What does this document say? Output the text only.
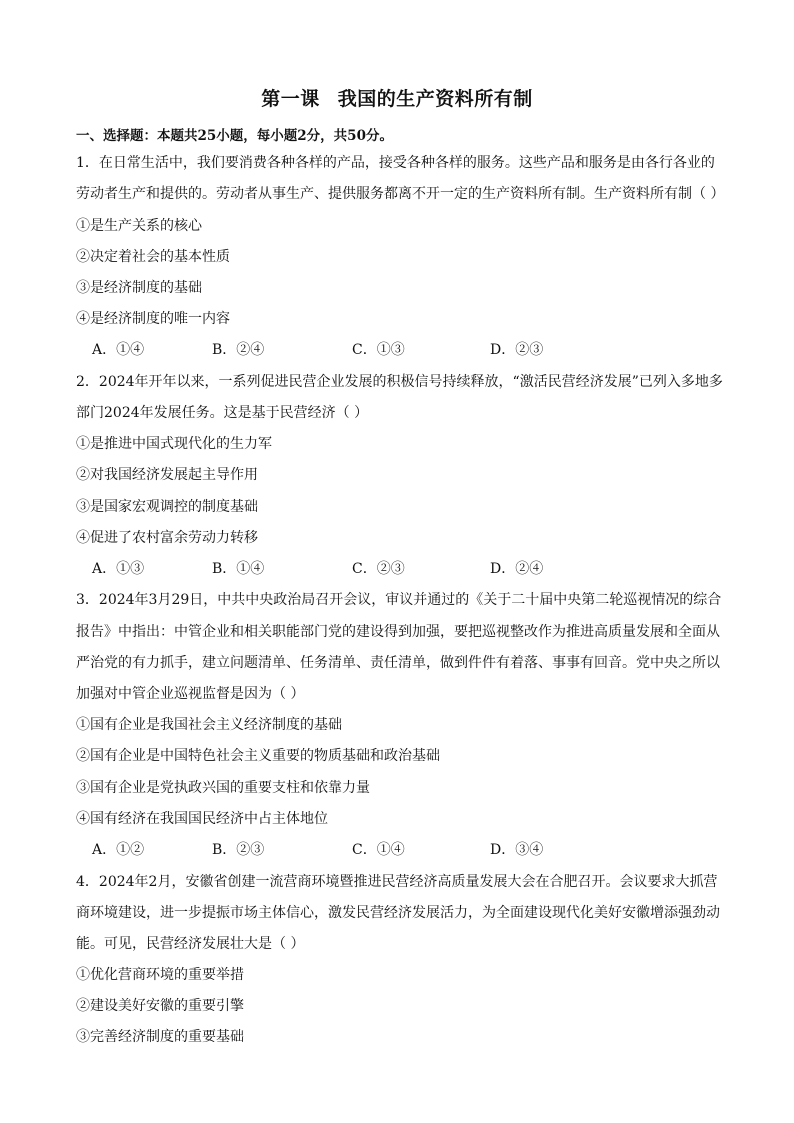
第一课 我国的生产资料所有制
一、选择题：本题共25小题，每小题2分，共50分。
1．在日常生活中，我们要消费各种各样的产品，接受各种各样的服务。这些产品和服务是由各行各业的
劳动者生产和提供的。劳动者从事生产、提供服务都离不开一定的生产资料所有制。生产资料所有制（ ）
①是生产关系的核心
②决定着社会的基本性质
③是经济制度的基础
④是经济制度的唯一内容
A．①④	B．②④	C．①③	D．②③
2．2024年开年以来，一系列促进民营企业发展的积极信号持续释放，“激活民营经济发展”已列入多地多
部门2024年发展任务。这是基于民营经济（ ）
①是推进中国式现代化的生力军
②对我国经济发展起主导作用
③是国家宏观调控的制度基础
④促进了农村富余劳动力转移
A．①③	B．①④	C．②③	D．②④
3．2024年3月29日，中共中央政治局召开会议，审议并通过的《关于二十届中央第二轮巡视情况的综合
报告》中指出：中管企业和相关职能部门党的建设得到加强，要把巡视整改作为推进高质量发展和全面从
严治党的有力抓手，建立问题清单、任务清单、责任清单，做到件件有着落、事事有回音。党中央之所以
加强对中管企业巡视监督是因为（ ）
①国有企业是我国社会主义经济制度的基础
②国有企业是中国特色社会主义重要的物质基础和政治基础
③国有企业是党执政兴国的重要支柱和依靠力量
④国有经济在我国国民经济中占主体地位
A．①②	B．②③	C．①④	D．③④
4．2024年2月，安徽省创建一流营商环境暨推进民营经济高质量发展大会在合肥召开。会议要求大抓营
商环境建设，进一步提振市场主体信心，激发民营经济发展活力，为全面建设现代化美好安徽增添强劲动
能。可见，民营经济发展壮大是（ ）
①优化营商环境的重要举措
②建设美好安徽的重要引擎
③完善经济制度的重要基础
